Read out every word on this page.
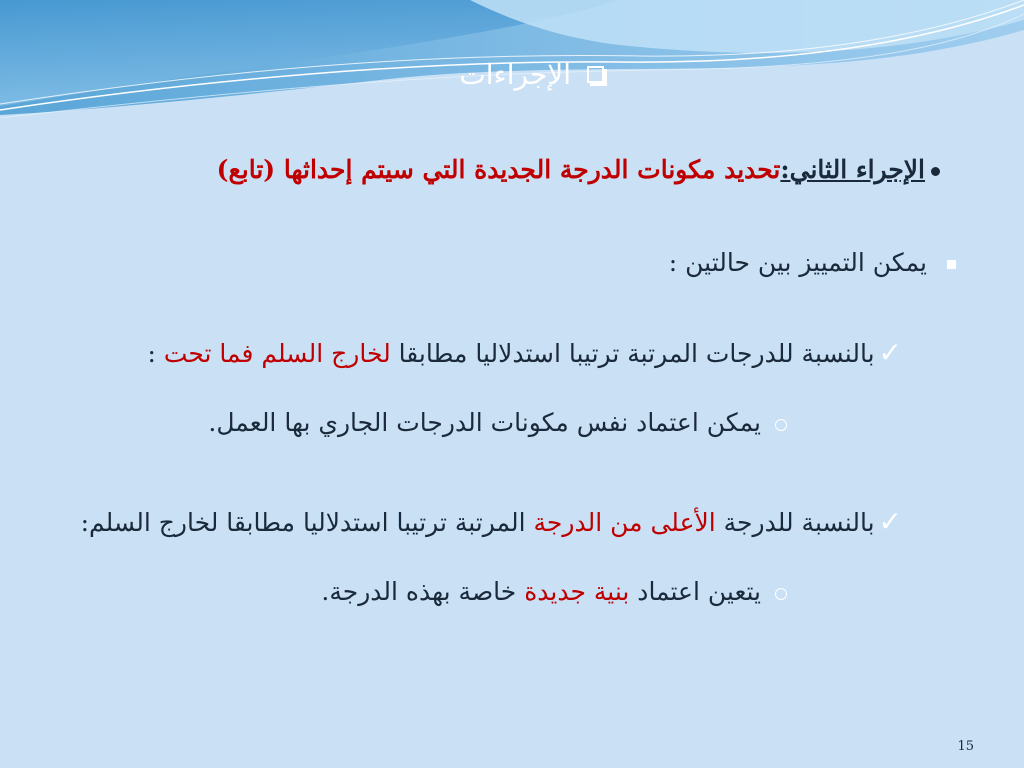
الإجراءات
الإجراء الثاني:تحديد مكونات الدرجة الجديدة التي سيتم إحداثها (تابع)
يمكن التمييز بين حالتين :
✓بالنسبة للدرجات المرتبة ترتيبا استدلاليا مطابقا لخارج السلم فما تحت :
يمكن اعتماد نفس مكونات الدرجات الجاري بها العمل.
✓بالنسبة للدرجة الأعلى من الدرجة المرتبة ترتيبا استدلاليا مطابقا لخارج السلم:
يتعين اعتماد بنية جديدة خاصة بهذه الدرجة.
15
